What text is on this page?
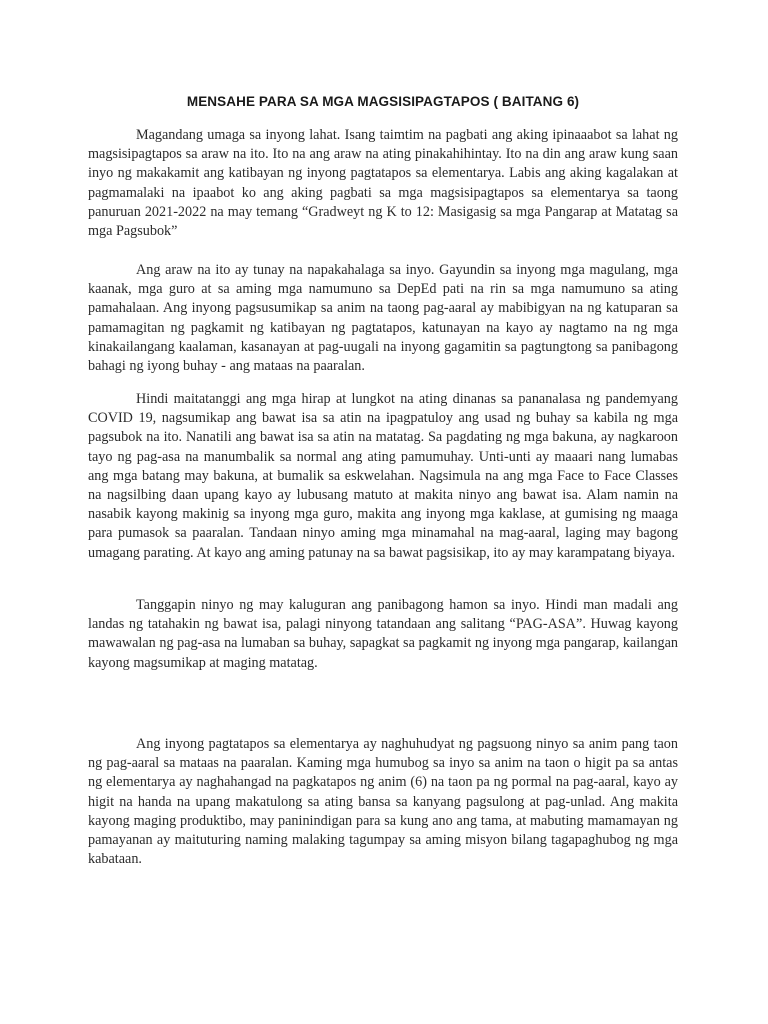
MENSAHE PARA SA MGA MAGSISIPAGTAPOS ( BAITANG 6)

Magandang umaga sa inyong lahat. Isang taimtim na pagbati ang aking ipinaaabot sa lahat ng magsisipagtapos sa araw na ito. Ito na ang araw na ating pinakahihintay. Ito na din ang araw kung saan inyo ng makakamit ang katibayan ng inyong pagtatapos sa elementarya. Labis ang aking kagalakan at pagmamalaki na ipaabot ko ang aking pagbati sa mga magsisipagtapos sa elementarya sa taong panuruan 2021-2022 na may temang “Gradweyt ng K to 12: Masigasig sa mga Pangarap at Matatag sa mga Pagsubok”

Ang araw na ito ay tunay na napakahalaga sa inyo. Gayundin sa inyong mga magulang, mga kaanak, mga guro at sa aming mga namumuno sa DepEd pati na rin sa mga namumuno sa ating pamahalaan. Ang inyong pagsusumikap sa anim na taong pag-aaral ay mabibigyan na ng katuparan sa pamamagitan ng pagkamit ng katibayan ng pagtatapos, katunayan na kayo ay nagtamo na ng mga kinakailangang kaalaman, kasanayan at pag-uugali na inyong gagamitin sa pagtungtong sa panibagong bahagi ng iyong buhay - ang mataas na paaralan.

Hindi maitatanggi ang mga hirap at lungkot na ating dinanas sa pananalasa ng pandemyang COVID 19, nagsumikap ang bawat isa sa atin na ipagpatuloy ang usad ng buhay sa kabila ng mga pagsubok na ito. Nanatili ang bawat isa sa atin na matatag. Sa pagdating ng mga bakuna, ay nagkaroon tayo ng pag-asa na manumbalik sa normal ang ating pamumuhay. Unti-unti ay maaari nang lumabas ang mga batang may bakuna, at bumalik sa eskwelahan. Nagsimula na ang mga Face to Face Classes na nagsilbing daan upang kayo ay lubusang matuto at makita ninyo ang bawat isa. Alam namin na nasabik kayong makinig sa inyong mga guro, makita ang inyong mga kaklase, at gumising ng maaga para pumasok sa paaralan. Tandaan ninyo aming mga minamahal na mag-aaral, laging may bagong umagang parating. At kayo ang aming patunay na sa bawat pagsisikap, ito ay may karampatang biyaya.

Tanggapin ninyo ng may kaluguran ang panibagong hamon sa inyo. Hindi man madali ang landas ng tatahakin ng bawat isa, palagi ninyong tatandaan ang salitang “PAG-ASA”. Huwag kayong mawawalan ng pag-asa na lumaban sa buhay, sapagkat sa pagkamit ng inyong mga pangarap, kailangan kayong magsumikap at maging matatag.

Ang inyong pagtatapos sa elementarya ay naghuhudyat ng pagsuong ninyo sa anim pang taon ng pag-aaral sa mataas na paaralan. Kaming mga humubog sa inyo sa anim na taon o higit pa sa antas ng elementarya ay naghahangad na pagkatapos ng anim (6) na taon pa ng pormal na pag-aaral, kayo ay higit na handa na upang makatulong sa ating bansa sa kanyang pagsulong at pag-unlad. Ang makita kayong maging produktibo, may paninindigan para sa kung ano ang tama, at mabuting mamamayan ng pamayanan ay maituturing naming malaking tagumpay sa aming misyon bilang tagapaghubog ng mga kabataan.
